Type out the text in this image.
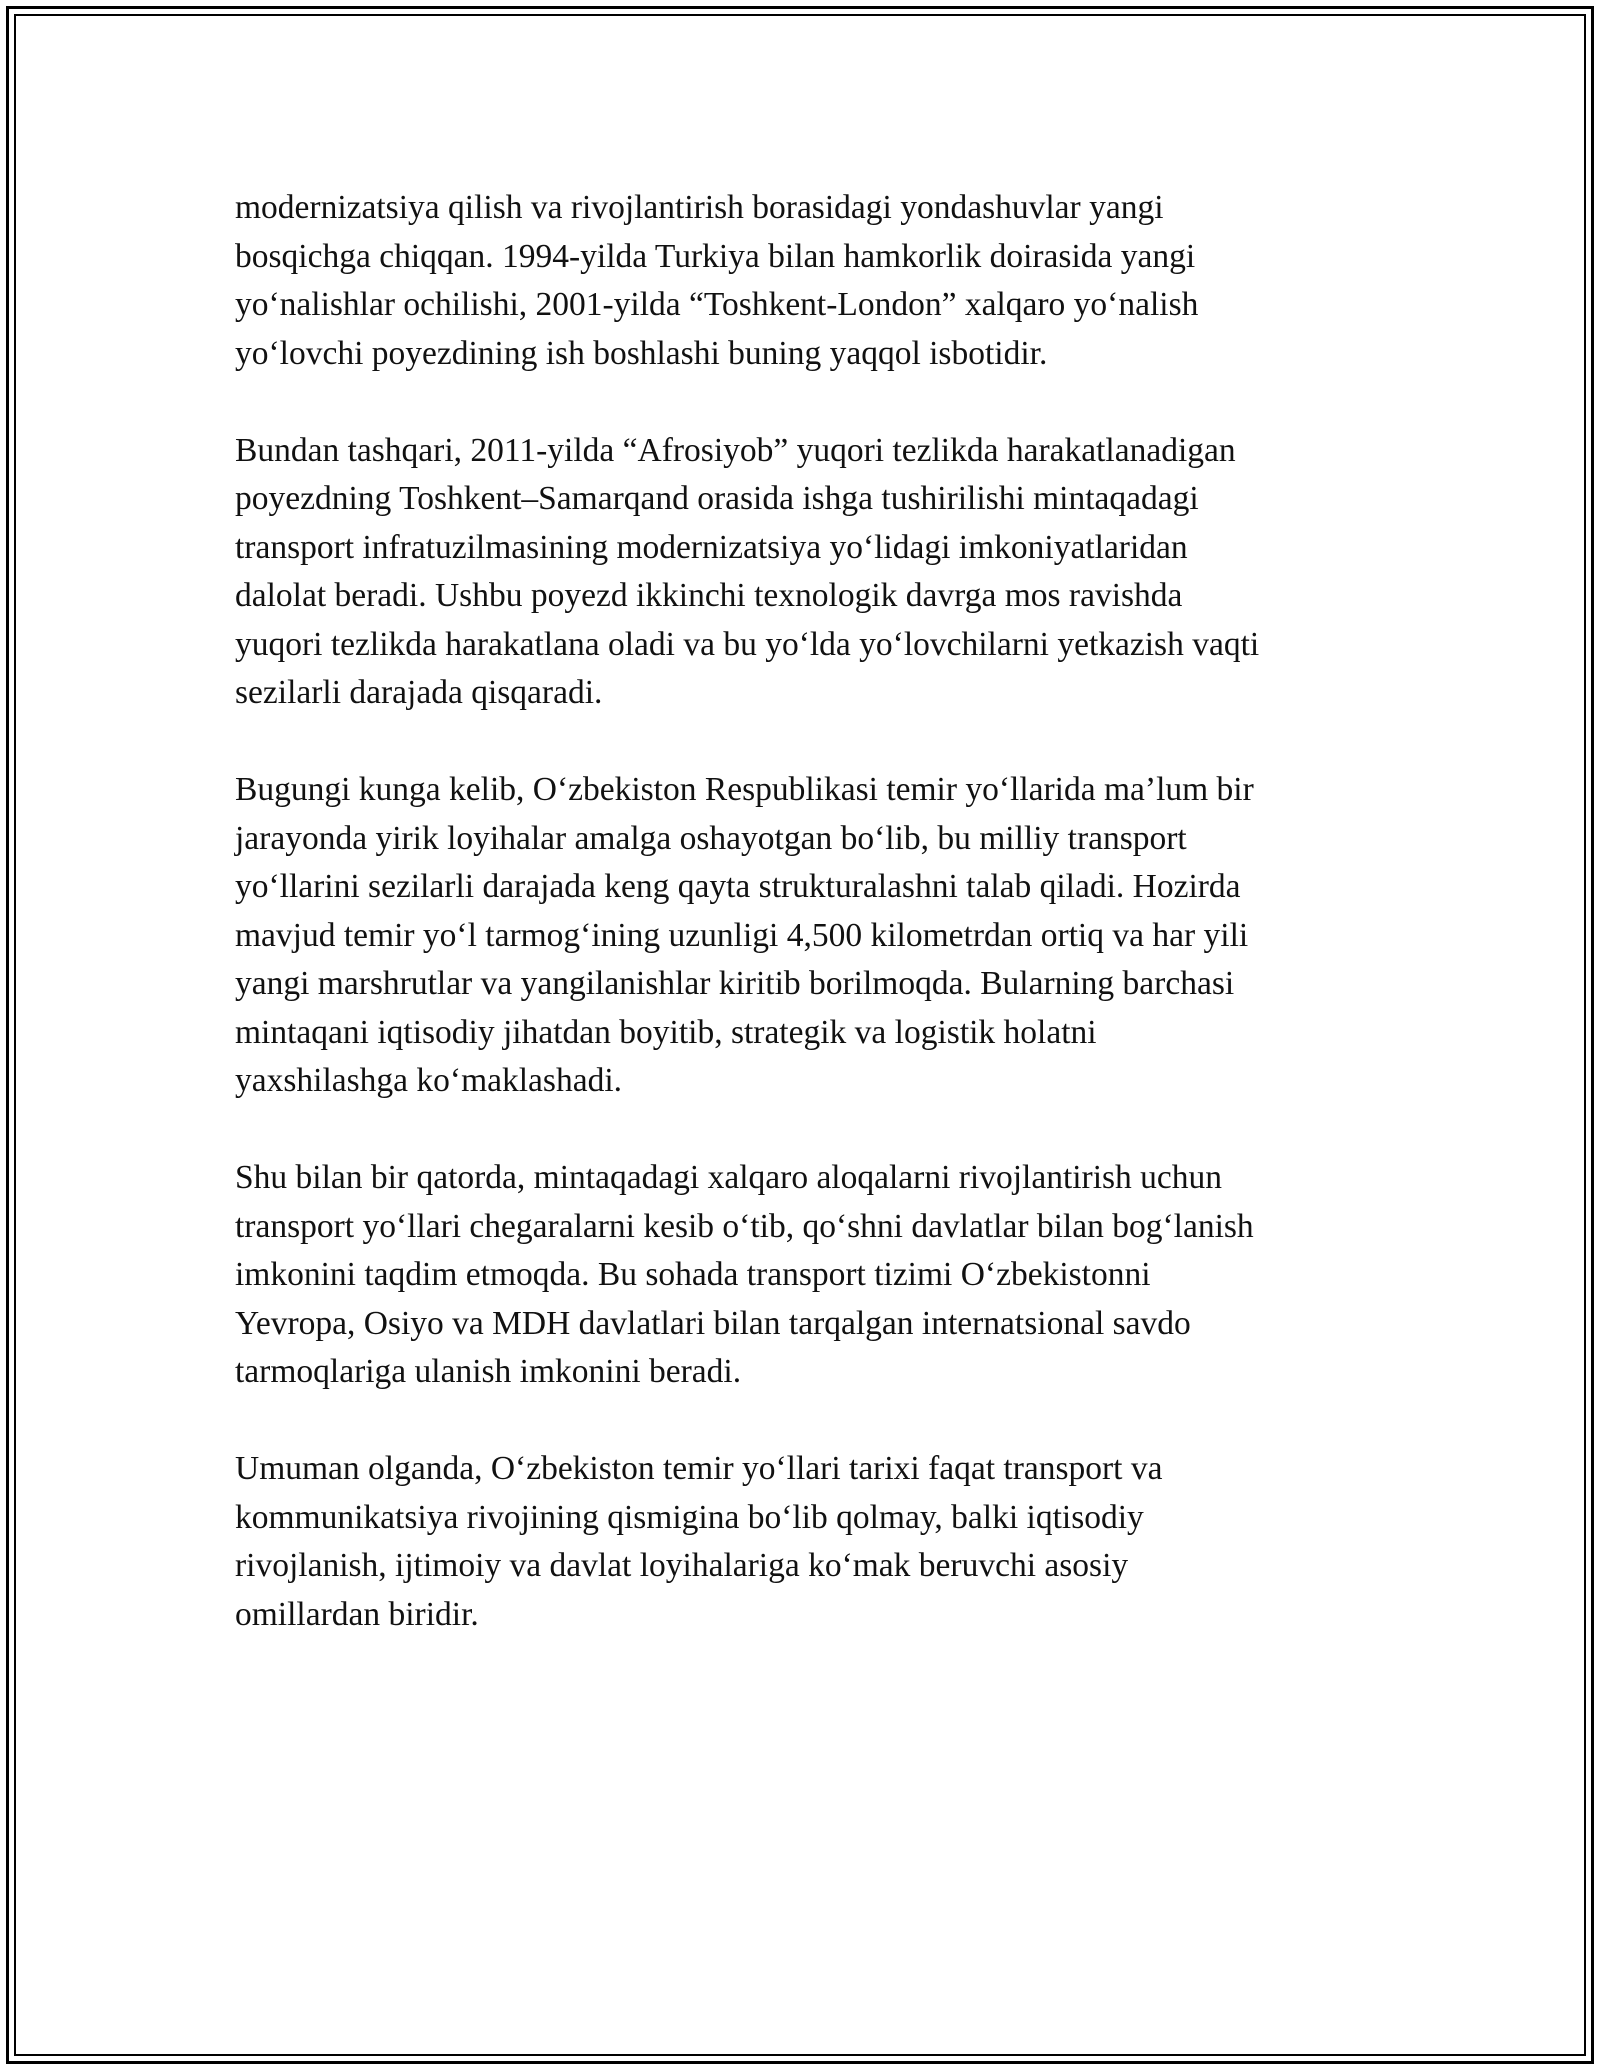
modernizatsiya qilish va rivojlantirish borasidagi yondashuvlar yangi
bosqichga chiqqan. 1994-yilda Turkiya bilan hamkorlik doirasida yangi
yo‘nalishlar ochilishi, 2001-yilda “Toshkent-London” xalqaro yo‘nalish
yo‘lovchi poyezdining ish boshlashi buning yaqqol isbotidir.

Bundan tashqari, 2011-yilda “Afrosiyob” yuqori tezlikda harakatlanadigan
poyezdning Toshkent–Samarqand orasida ishga tushirilishi mintaqadagi
transport infratuzilmasining modernizatsiya yo‘lidagi imkoniyatlaridan
dalolat beradi. Ushbu poyezd ikkinchi texnologik davrga mos ravishda
yuqori tezlikda harakatlana oladi va bu yo‘lda yo‘lovchilarni yetkazish vaqti
sezilarli darajada qisqaradi.

Bugungi kunga kelib, O‘zbekiston Respublikasi temir yo‘llarida ma’lum bir
jarayonda yirik loyihalar amalga oshayotgan bo‘lib, bu milliy transport
yo‘llarini sezilarli darajada keng qayta strukturalashni talab qiladi. Hozirda
mavjud temir yo‘l tarmog‘ining uzunligi 4,500 kilometrdan ortiq va har yili
yangi marshrutlar va yangilanishlar kiritib borilmoqda. Bularning barchasi
mintaqani iqtisodiy jihatdan boyitib, strategik va logistik holatni
yaxshilashga ko‘maklashadi.

Shu bilan bir qatorda, mintaqadagi xalqaro aloqalarni rivojlantirish uchun
transport yo‘llari chegaralarni kesib o‘tib, qo‘shni davlatlar bilan bog‘lanish
imkonini taqdim etmoqda. Bu sohada transport tizimi O‘zbekistonni
Yevropa, Osiyo va MDH davlatlari bilan tarqalgan internatsional savdo
tarmoqlariga ulanish imkonini beradi.

Umuman olganda, O‘zbekiston temir yo‘llari tarixi faqat transport va
kommunikatsiya rivojining qismigina bo‘lib qolmay, balki iqtisodiy
rivojlanish, ijtimoiy va davlat loyihalariga ko‘mak beruvchi asosiy
omillardan biridir.
